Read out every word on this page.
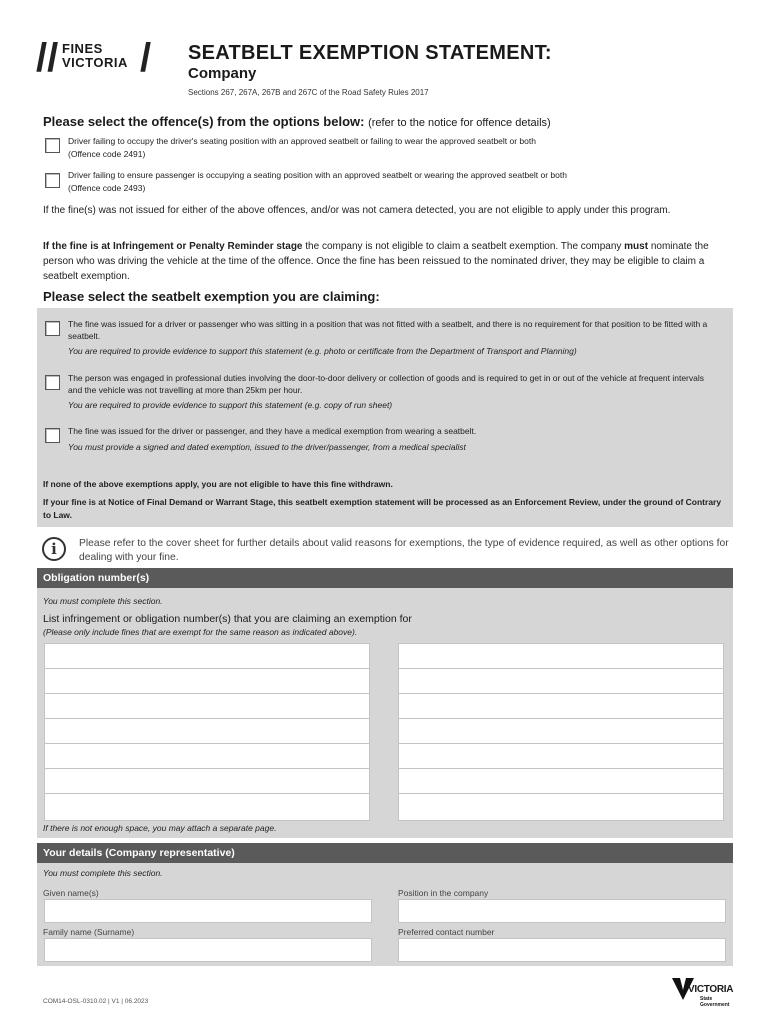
// FINES
VICTORIA / SEATBELT EXEMPTION STATEMENT:
Company
Sections 267, 267A, 267B and 267C of the Road Safety Rules 2017
Please select the offence(s) from the options below: (refer to the notice for offence details)
Driver failing to occupy the driver's seating position with an approved seatbelt or failing to wear the approved seatbelt or both
(Offence code 2491)
Driver failing to ensure passenger is occupying a seating position with an approved seatbelt or wearing the approved seatbelt or both
(Offence code 2493)
If the fine(s) was not issued for either of the above offences, and/or was not camera detected, you are not eligible to apply under this program.
If the fine is at Infringement or Penalty Reminder stage the company is not eligible to claim a seatbelt exemption. The company must nominate the person who was driving the vehicle at the time of the offence. Once the fine has been reissued to the nominated driver, they may be eligible to claim a seatbelt exemption.
Please select the seatbelt exemption you are claiming:
The fine was issued for a driver or passenger who was sitting in a position that was not fitted with a seatbelt, and there is no requirement for that position to be fitted with a seatbelt.
You are required to provide evidence to support this statement (e.g. photo or certificate from the Department of Transport and Planning)
The person was engaged in professional duties involving the door-to-door delivery or collection of goods and is required to get in or out of the vehicle at frequent intervals and the vehicle was not travelling at more than 25km per hour.
You are required to provide evidence to support this statement (e.g. copy of run sheet)
The fine was issued for the driver or passenger, and they have a medical exemption from wearing a seatbelt.
You must provide a signed and dated exemption, issued to the driver/passenger, from a medical specialist
If none of the above exemptions apply, you are not eligible to have this fine withdrawn.
If your fine is at Notice of Final Demand or Warrant Stage, this seatbelt exemption statement will be processed as an Enforcement Review, under the ground of Contrary to Law.
i	Please refer to the cover sheet for further details about valid reasons for exemptions, the type of evidence required, as well as other options for dealing with your fine.
Obligation number(s)
You must complete this section.
List infringement or obligation number(s) that you are claiming an exemption for
(Please only include fines that are exempt for the same reason as indicated above).
If there is not enough space, you may attach a separate page.
Your details (Company representative)
You must complete this section.
Given name(s)	Position in the company
Family name (Surname)	Preferred contact number
COM14-OSL-0310.02 | V1 | 06.2023
VICTORIA
State
Government
